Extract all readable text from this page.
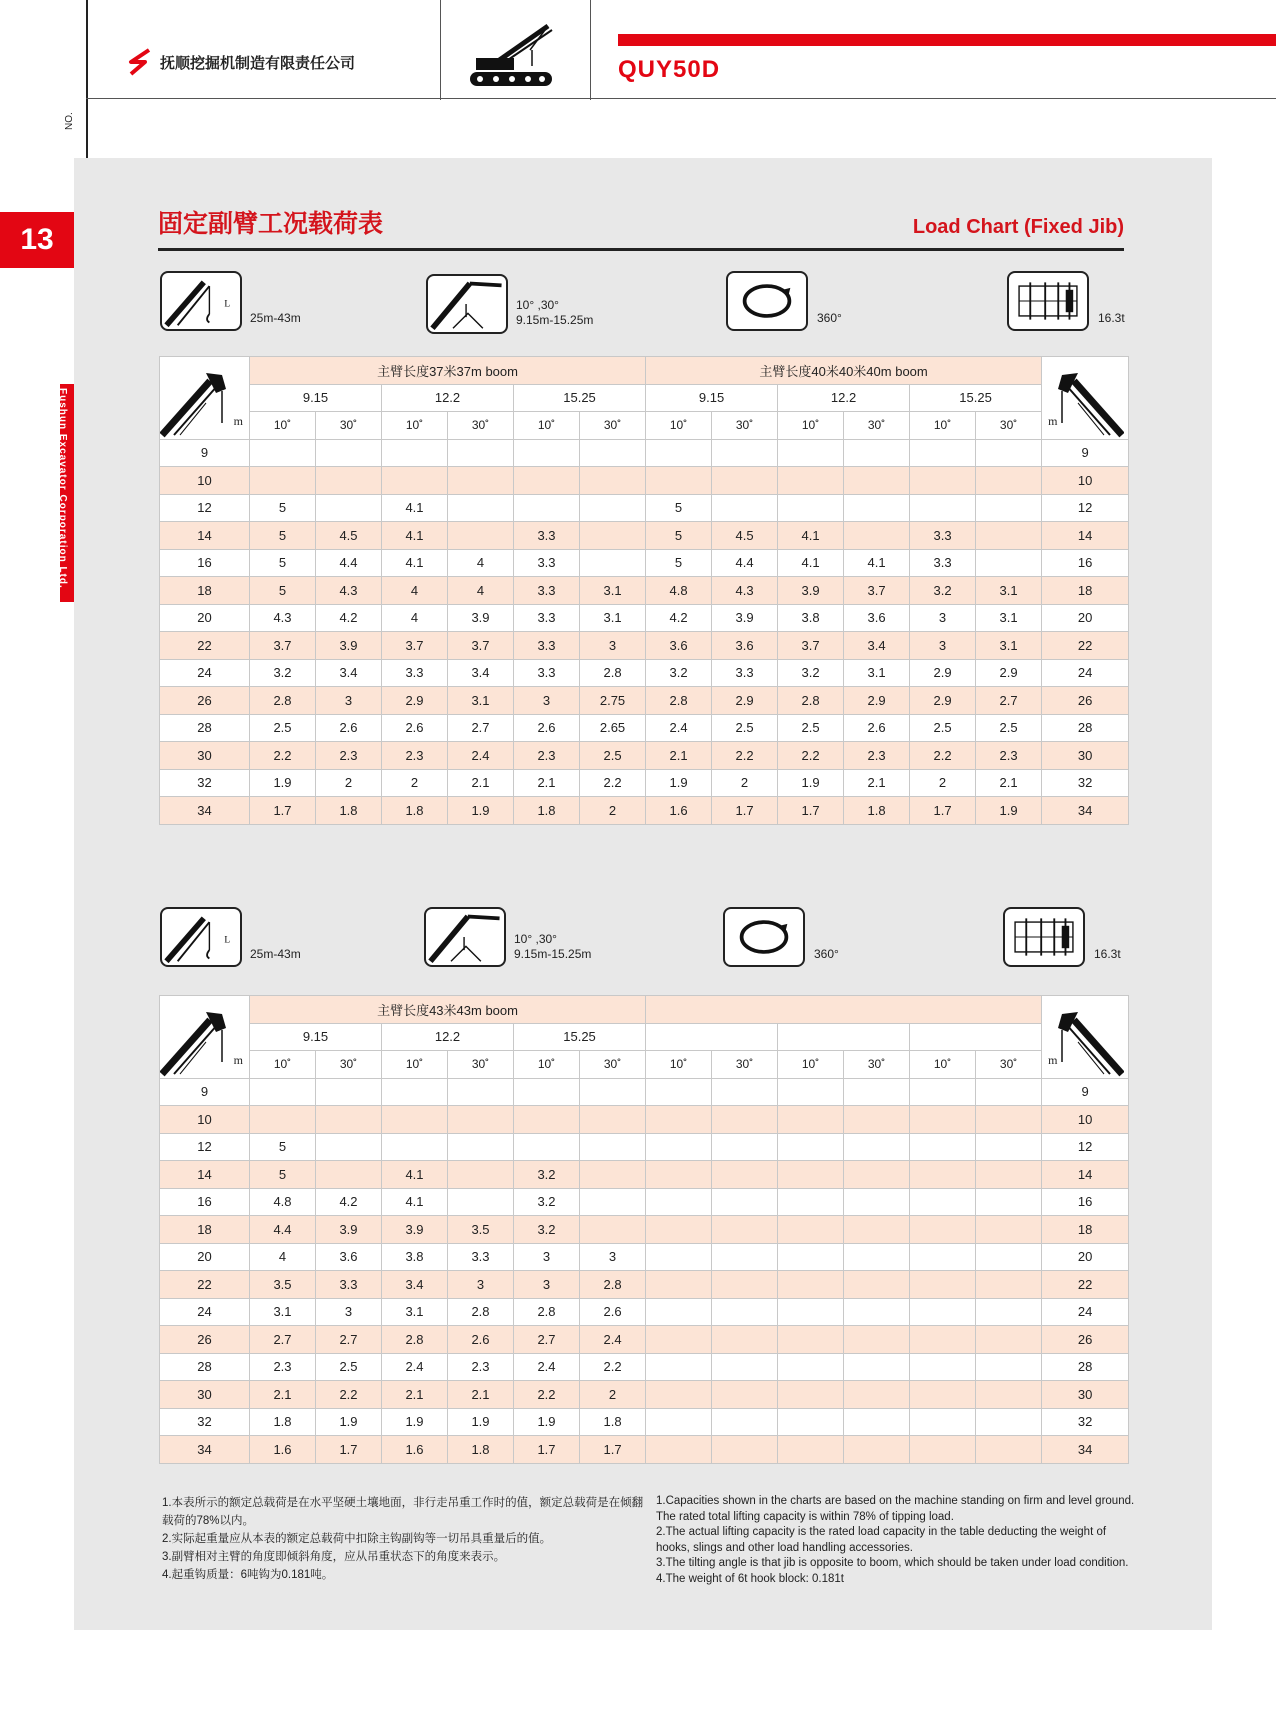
抚顺挖掘机制造有限责任公司	QUY50D
NO.
13
Fushun Excavator Corporation Ltd.
固定副臂工况载荷表	Load Chart (Fixed Jib)
L
25m-43m
10° ,30°
9.15m-15.25m	360°	16.3t
m	主臂长度37米37m boom						主臂长度40米40米40m boom						m

	9.15		12.2		15.25		9.15		12.2		15.25		
	10˚	30˚	10˚	30˚	10˚	30˚	10˚	30˚	10˚	30˚	10˚	30˚	
9													9
10													10
12	5		4.1				5						12
14	5	4.5	4.1		3.3		5	4.5	4.1		3.3		14
16	5	4.4	4.1	4	3.3		5	4.4	4.1	4.1	3.3		16
18	5	4.3	4	4	3.3	3.1	4.8	4.3	3.9	3.7	3.2	3.1	18
20	4.3	4.2	4	3.9	3.3	3.1	4.2	3.9	3.8	3.6	3	3.1	20
22	3.7	3.9	3.7	3.7	3.3	3	3.6	3.6	3.7	3.4	3	3.1	22
24	3.2	3.4	3.3	3.4	3.3	2.8	3.2	3.3	3.2	3.1	2.9	2.9	24
26	2.8	3	2.9	3.1	3	2.75	2.8	2.9	2.8	2.9	2.9	2.7	26
28	2.5	2.6	2.6	2.7	2.6	2.65	2.4	2.5	2.5	2.6	2.5	2.5	28
30	2.2	2.3	2.3	2.4	2.3	2.5	2.1	2.2	2.2	2.3	2.2	2.3	30
32	1.9	2	2	2.1	2.1	2.2	1.9	2	1.9	2.1	2	2.1	32
34	1.7	1.8	1.8	1.9	1.8	2	1.6	1.7	1.7	1.8	1.7	1.9	34
L
25m-43m
10° ,30°
9.15m-15.25m	360°	16.3t
m	主臂长度43米43m boom												m

	9.15		12.2		15.25								
	10˚	30˚	10˚	30˚	10˚	30˚	10˚	30˚	10˚	30˚	10˚	30˚	
9													9
10													10
12	5												12
14	5		4.1		3.2								14
16	4.8	4.2	4.1		3.2								16
18	4.4	3.9	3.9	3.5	3.2								18
20	4	3.6	3.8	3.3	3	3							20
22	3.5	3.3	3.4	3	3	2.8							22
24	3.1	3	3.1	2.8	2.8	2.6							24
26	2.7	2.7	2.8	2.6	2.7	2.4							26
28	2.3	2.5	2.4	2.3	2.4	2.2							28
30	2.1	2.2	2.1	2.1	2.2	2							30
32	1.8	1.9	1.9	1.9	1.9	1.8							32
34	1.6	1.7	1.6	1.8	1.7	1.7							34

1.本表所示的额定总载荷是在水平坚硬土壤地面，非行走吊重工作时的值，额定总载荷是在倾翻载荷的78%以内。

2.实际起重量应从本表的额定总载荷中扣除主钩副钩等一切吊具重量后的值。

3.副臂相对主臂的角度即倾斜角度，应从吊重状态下的角度来表示。

4.起重钩质量：6吨钩为0.181吨。

1.Capacities shown in the charts are based on the machine standing on firm and level ground. The rated total lifting capacity is within 78% of tipping load.

2.The actual lifting capacity is the rated load capacity in the table deducting the weight of hooks, slings and other load handling accessories.

3.The tilting angle is that jib is opposite to boom, which should be taken under load condition.

4.The weight of 6t hook block: 0.181t
